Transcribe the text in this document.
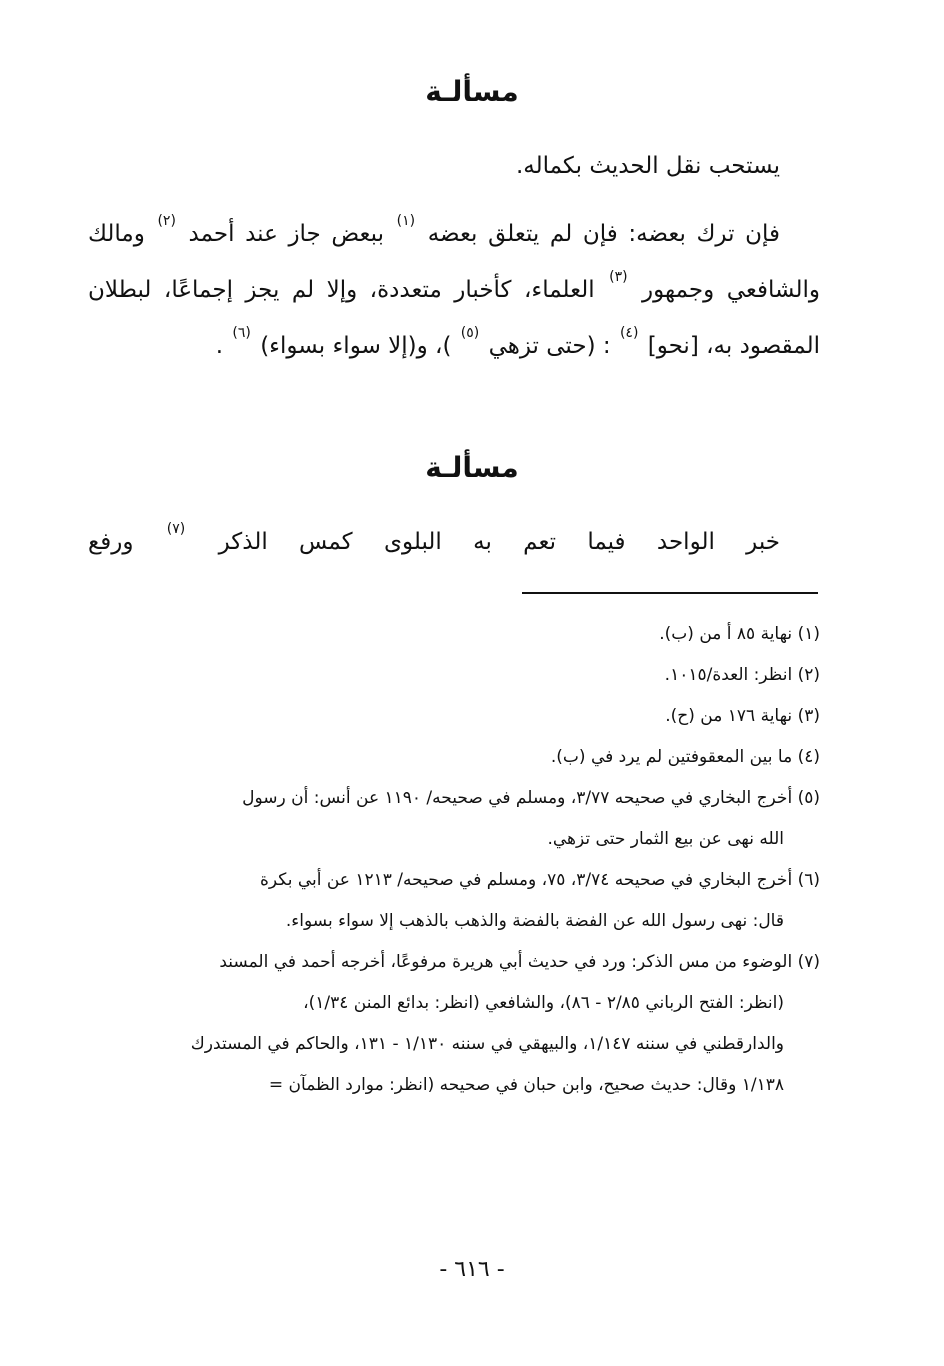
مسألـة
يستحب نقل الحديث بكماله.
فإن ترك بعضه: فإن لم يتعلق بعضه $^{(١)}$ ببعض جاز عند أحمد $^{(٢)}$ ومالك والشافعي وجمهور $^{(٣)}$ العلماء، كأخبار متعددة، وإلا لم يجز إجماعًا، لبطلان المقصود به، [نحو] $^{(٤)}$ : (حتى تزهي $^{(٥)}$ )، و(إلا سواء بسواء) $^{(٦)}$ .
مسألـة
خبر الواحد فيما تعم به البلوى كمس الذكر $^{(٧)}$ ورفع
(١) نهاية ٨٥ أ من (ب).
(٢) انظر: العدة/١٠١٥.
(٣) نهاية ١٧٦ من (ح).
(٤) ما بين المعقوفتين لم يرد في (ب).
(٥) أخرج البخاري في صحيحه ٣/٧٧، ومسلم في صحيحه/ ١١٩٠ عن أنس: أن رسول
الله نهى عن بيع الثمار حتى تزهي.
(٦) أخرج البخاري في صحيحه ٣/٧٤، ٧٥، ومسلم في صحيحه/ ١٢١٣ عن أبي بكرة
قال: نهى رسول الله عن الفضة بالفضة والذهب بالذهب إلا سواء بسواء.
(٧) الوضوء من مس الذكر: ورد في حديث أبي هريرة مرفوعًا، أخرجه أحمد في المسند
(انظر: الفتح الرباني ٢/٨٥ - ٨٦)، والشافعي (انظر: بدائع المنن ١/٣٤)،
والدارقطني في سننه ١/١٤٧، والبيهقي في سننه ١/١٣٠ - ١٣١، والحاكم في المستدرك
١/١٣٨ وقال: حديث صحيح، وابن حبان في صحيحه (انظر: موارد الظمآن =
- ٦١٦ -
